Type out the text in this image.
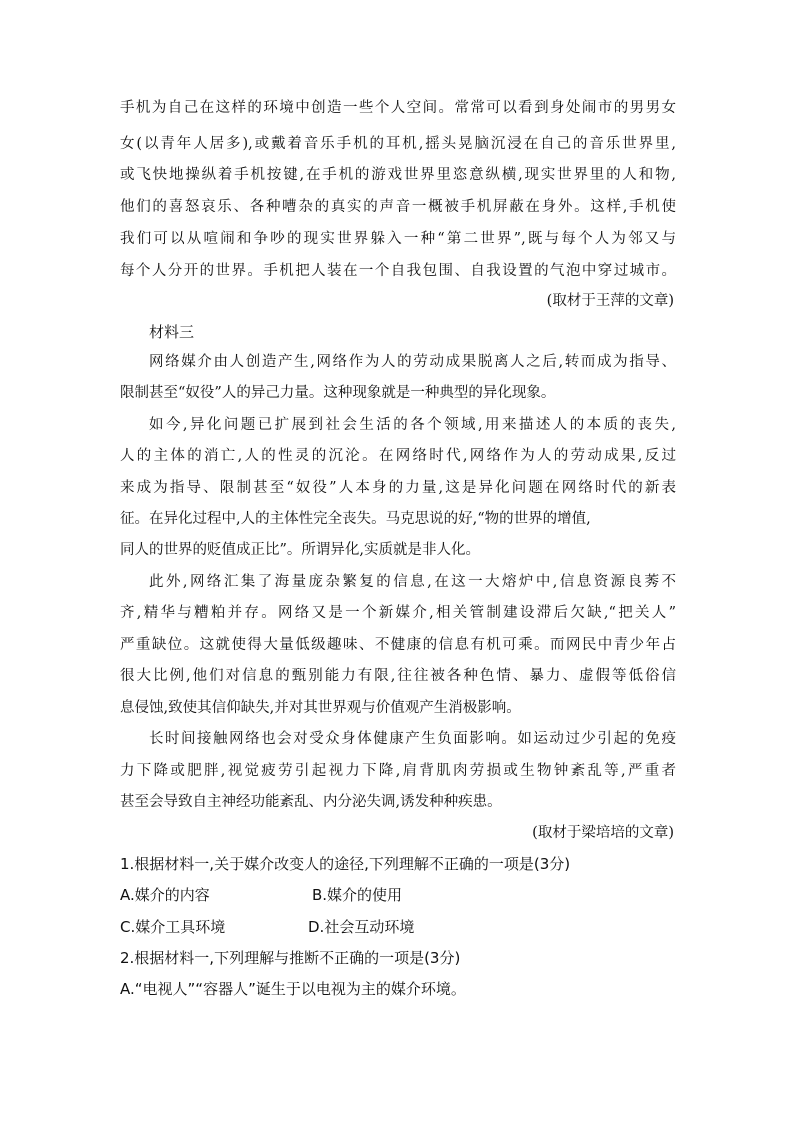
手机为自己在这样的环境中创造一些个人空间。常常可以看到身处闹市的男男女
女(以青年人居多),或戴着音乐手机的耳机,摇头晃脑沉浸在自己的音乐世界里,
或飞快地操纵着手机按键,在手机的游戏世界里恣意纵横,现实世界里的人和物,
他们的喜怒哀乐、各种嘈杂的真实的声音一概被手机屏蔽在身外。这样,手机使
我们可以从喧闹和争吵的现实世界躲入一种“第二世界”,既与每个人为邻又与
每个人分开的世界。手机把人装在一个自我包围、自我设置的气泡中穿过城市。
(取材于王萍的文章)
材料三
网络媒介由人创造产生,网络作为人的劳动成果脱离人之后,转而成为指导、
限制甚至“奴役”人的异己力量。这种现象就是一种典型的异化现象。
如今,异化问题已扩展到社会生活的各个领域,用来描述人的本质的丧失,
人的主体的消亡,人的性灵的沉沦。在网络时代,网络作为人的劳动成果,反过
来成为指导、限制甚至“奴役”人本身的力量,这是异化问题在网络时代的新表
征。在异化过程中,人的主体性完全丧失。马克思说的好,“物的世界的增值,
同人的世界的贬值成正比”。所谓异化,实质就是非人化。
此外,网络汇集了海量庞杂繁复的信息,在这一大熔炉中,信息资源良莠不
齐,精华与糟粕并存。网络又是一个新媒介,相关管制建设滞后欠缺,“把关人”
严重缺位。这就使得大量低级趣味、不健康的信息有机可乘。而网民中青少年占
很大比例,他们对信息的甄别能力有限,往往被各种色情、暴力、虚假等低俗信
息侵蚀,致使其信仰缺失,并对其世界观与价值观产生消极影响。
长时间接触网络也会对受众身体健康产生负面影响。如运动过少引起的免疫
力下降或肥胖,视觉疲劳引起视力下降,肩背肌肉劳损或生物钟紊乱等,严重者
甚至会导致自主神经功能紊乱、内分泌失调,诱发种种疾患。
(取材于梁培培的文章)
1.根据材料一,关于媒介改变人的途径,下列理解不正确的一项是(3分)
A.媒介的内容	B.媒介的使用
C.媒介工具环境	D.社会互动环境
2.根据材料一,下列理解与推断不正确的一项是(3分)
A.“电视人”“容器人”诞生于以电视为主的媒介环境。
